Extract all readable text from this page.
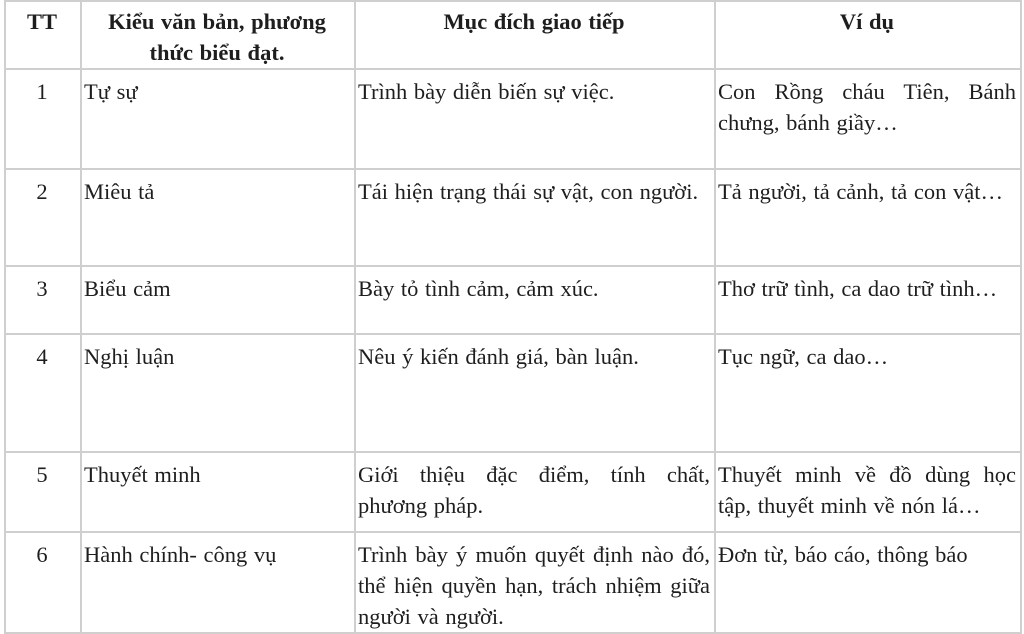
TT	Kiểu văn bản, phương thức biểu đạt.	Mục đích giao tiếp	Ví dụ
1	Tự sự	Trình bày diễn biến sự việc.	Con Rồng cháu Tiên, Bánh chưng, bánh giầy…
2	Miêu tả	Tái hiện trạng thái sự vật, con người.	Tả người, tả cảnh, tả con vật…
3	Biểu cảm	Bày tỏ tình cảm, cảm xúc.	Thơ trữ tình, ca dao trữ tình…
4	Nghị luận	Nêu ý kiến đánh giá, bàn luận.	Tục ngữ, ca dao…
5	Thuyết minh	Giới thiệu đặc điểm, tính chất, phương pháp.	Thuyết minh về đồ dùng học tập, thuyết minh về nón lá…
6	Hành chính- công vụ	Trình bày ý muốn quyết định nào đó, thể hiện quyền hạn, trách nhiệm giữa người và người.	Đơn từ, báo cáo, thông báo
